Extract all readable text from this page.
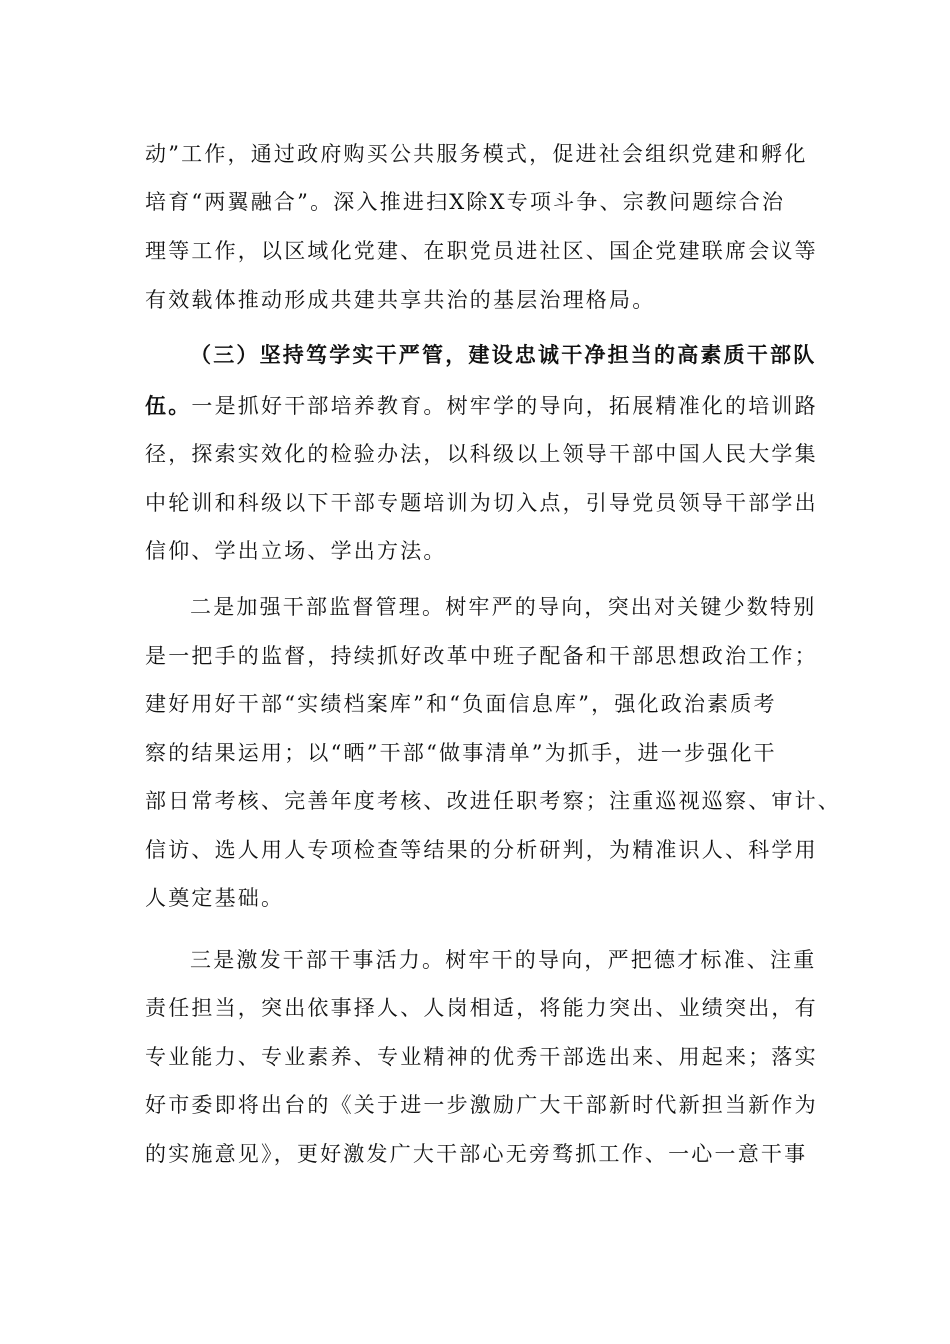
动”工作，通过政府购买公共服务模式，促进社会组织党建和孵化
培育“两翼融合”。深入推进扫X除X专项斗争、宗教问题综合治
理等工作，以区域化党建、在职党员进社区、国企党建联席会议等
有效载体推动形成共建共享共治的基层治理格局。
（三）坚持笃学实干严管，建设忠诚干净担当的高素质干部队
伍。一是抓好干部培养教育。树牢学的导向，拓展精准化的培训路
径，探索实效化的检验办法，以科级以上领导干部中国人民大学集
中轮训和科级以下干部专题培训为切入点，引导党员领导干部学出
信仰、学出立场、学出方法。
二是加强干部监督管理。树牢严的导向，突出对关键少数特别
是一把手的监督，持续抓好改革中班子配备和干部思想政治工作；
建好用好干部“实绩档案库”和“负面信息库”，强化政治素质考
察的结果运用；以“晒”干部“做事清单”为抓手，进一步强化干
部日常考核、完善年度考核、改进任职考察；注重巡视巡察、审计、
信访、选人用人专项检查等结果的分析研判，为精准识人、科学用
人奠定基础。
三是激发干部干事活力。树牢干的导向，严把德才标准、注重
责任担当，突出依事择人、人岗相适，将能力突出、业绩突出，有
专业能力、专业素养、专业精神的优秀干部选出来、用起来；落实
好市委即将出台的《关于进一步激励广大干部新时代新担当新作为
的实施意见》，更好激发广大干部心无旁骛抓工作、一心一意干事
